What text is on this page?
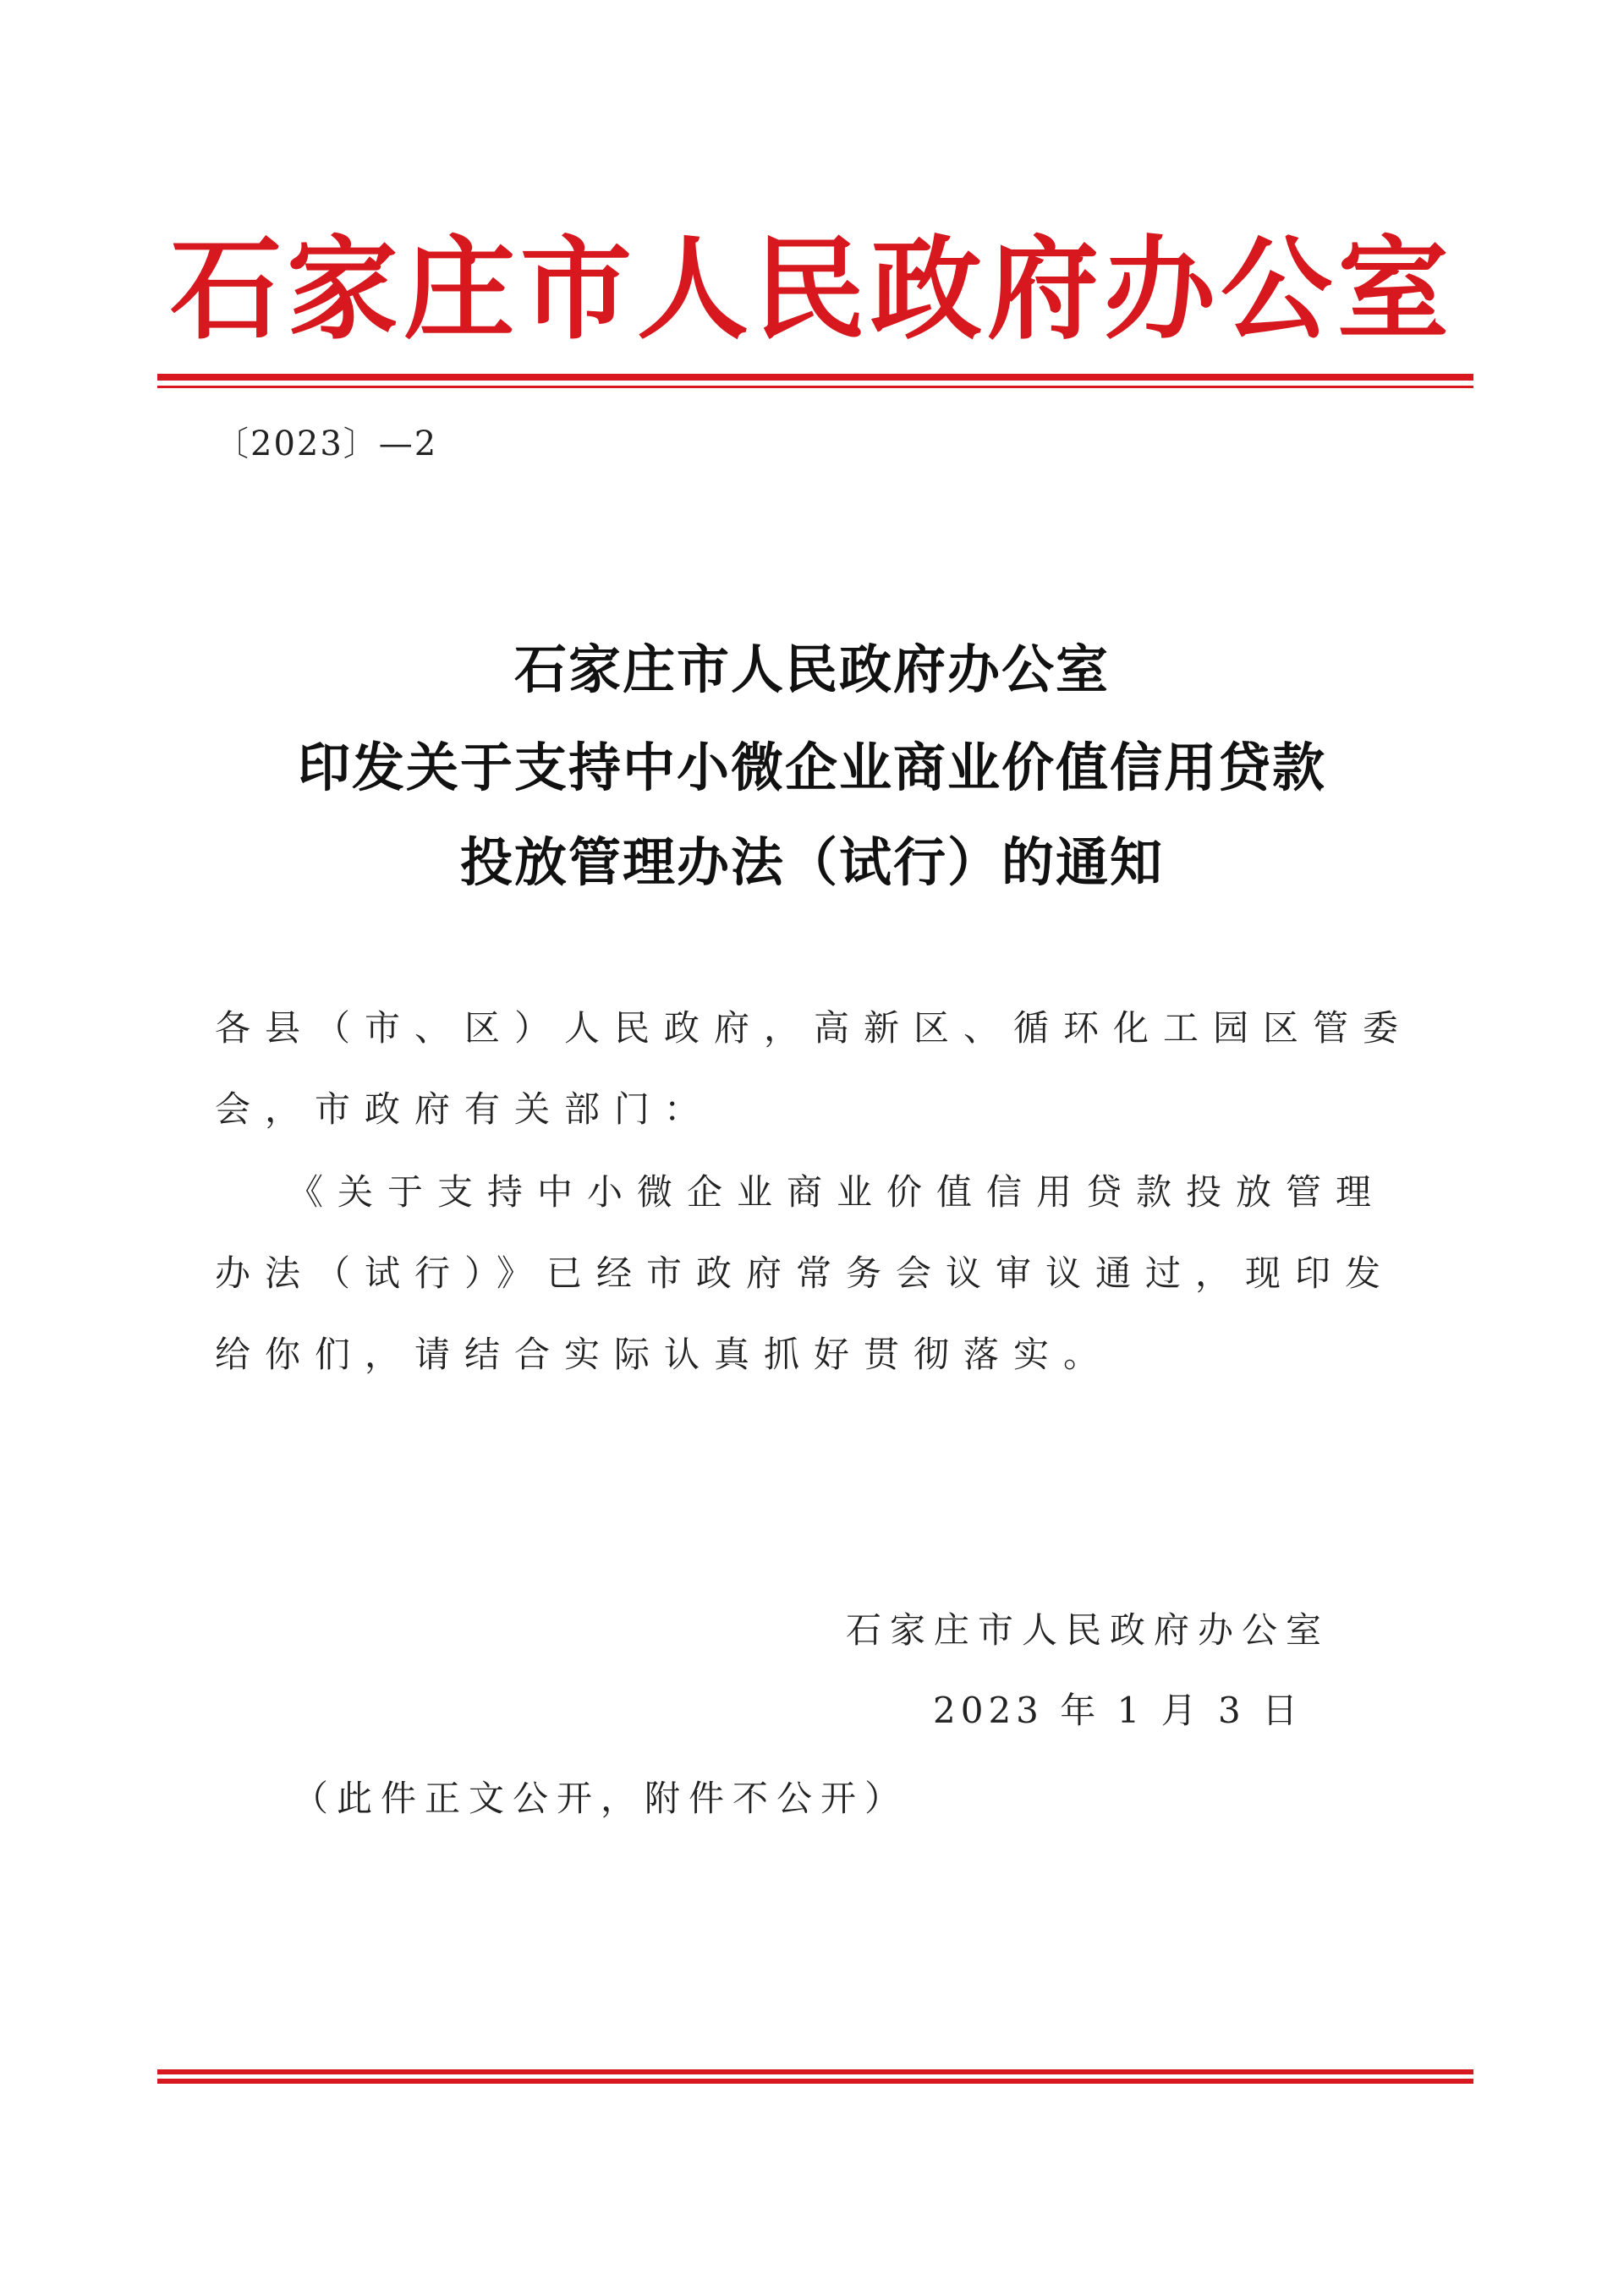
石家庄市人民政府办公室
〔2023〕—2
石家庄市人民政府办公室
印发关于支持中小微企业商业价值信用贷款
投放管理办法（试行）的通知
各县（市、区）人民政府，高新区、循环化工园区管委会，市政府有关部门：
《关于支持中小微企业商业价值信用贷款投放管理办法（试行）》已经市政府常务会议审议通过，现印发给你们，请结合实际认真抓好贯彻落实。
石家庄市人民政府办公室
2023 年 1 月 3 日
（此件正文公开，附件不公开）
